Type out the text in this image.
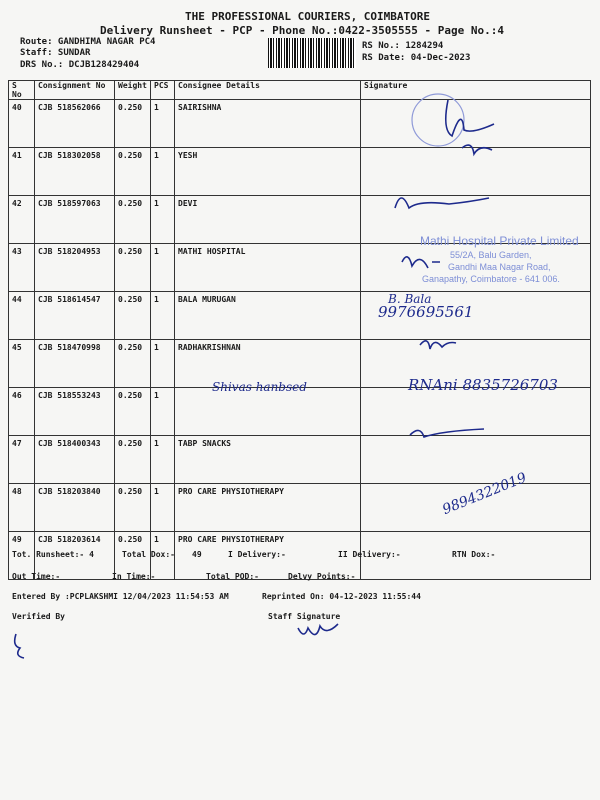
THE PROFESSIONAL COURIERS, COIMBATORE
Delivery Runsheet - PCP - Phone No.:0422-3505555 - Page No.:4
Route: GANDHIMA NAGAR PC4
Staff: SUNDAR
DRS No.: DCJB128429404
RS No.: 1284294
RS Date: 04-Dec-2023
S No	Consignment No	Weight	PCS	Consignee Details	Signature
40	CJB 518562066	0.250	1	SAIRISHNA	
41	CJB 518302058	0.250	1	YESH	
42	CJB 518597063	0.250	1	DEVI	
43	CJB 518204953	0.250	1	MATHI HOSPITAL	
44	CJB 518614547	0.250	1	BALA MURUGAN	
45	CJB 518470998	0.250	1	RADHAKRISHNAN	
46	CJB 518553243	0.250	1		
47	CJB 518400343	0.250	1	TABP SNACKS	
48	CJB 518203840	0.250	1	PRO CARE PHYSIOTHERAPY	
49	CJB 518203614	0.250	1	PRO CARE PHYSIOTHERAPY	
B. Bala
9976695561
Shivas hanbsed	RNAni 8835726703
9894322019
Mathi Hospital Private Limited
55/2A, Balu Garden,
Gandhi Maa Nagar Road,
Ganapathy, Coimbatore - 641 006.
Tot. Runsheet:- 4	Total Dox:- 49	I Delivery:-	II Delivery:-	RTN Dox:-
Out Time:-	In Time:-	Total POD:-	Delvy Points:-
Entered By :PCPLAKSHMI 12/04/2023 11:54:53 AM	Reprinted On: 04-12-2023 11:55:44
Verified By	Staff Signature
